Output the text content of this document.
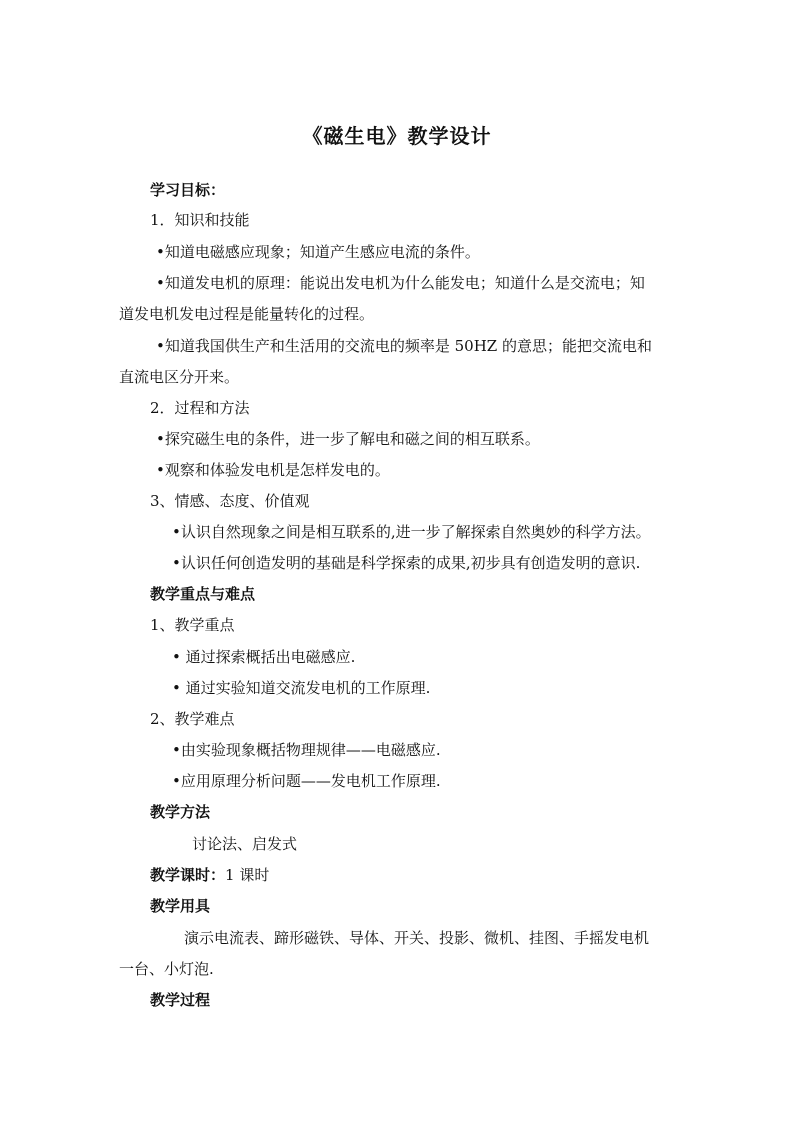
《磁生电》教学设计

学习目标：

1．知识和技能

•知道电磁感应现象；知道产生感应电流的条件。

•知道发电机的原理：能说出发电机为什么能发电；知道什么是交流电；知

道发电机发电过程是能量转化的过程。

•知道我国供生产和生活用的交流电的频率是 50HZ 的意思；能把交流电和

直流电区分开来。

2．过程和方法

•探究磁生电的条件，进一步了解电和磁之间的相互联系。

•观察和体验发电机是怎样发电的。

3、情感、态度、价值观

•认识自然现象之间是相互联系的,进一步了解探索自然奥妙的科学方法。

•认识任何创造发明的基础是科学探索的成果,初步具有创造发明的意识.

教学重点与难点

1、教学重点

• 通过探索概括出电磁感应.

• 通过实验知道交流发电机的工作原理.

2、教学难点

•由实验现象概括物理规律——电磁感应.

•应用原理分析问题——发电机工作原理.

教学方法

讨论法、启发式

教学课时：1 课时

教学用具

演示电流表、蹄形磁铁、导体、开关、投影、微机、挂图、手摇发电机

一台、小灯泡.

教学过程
